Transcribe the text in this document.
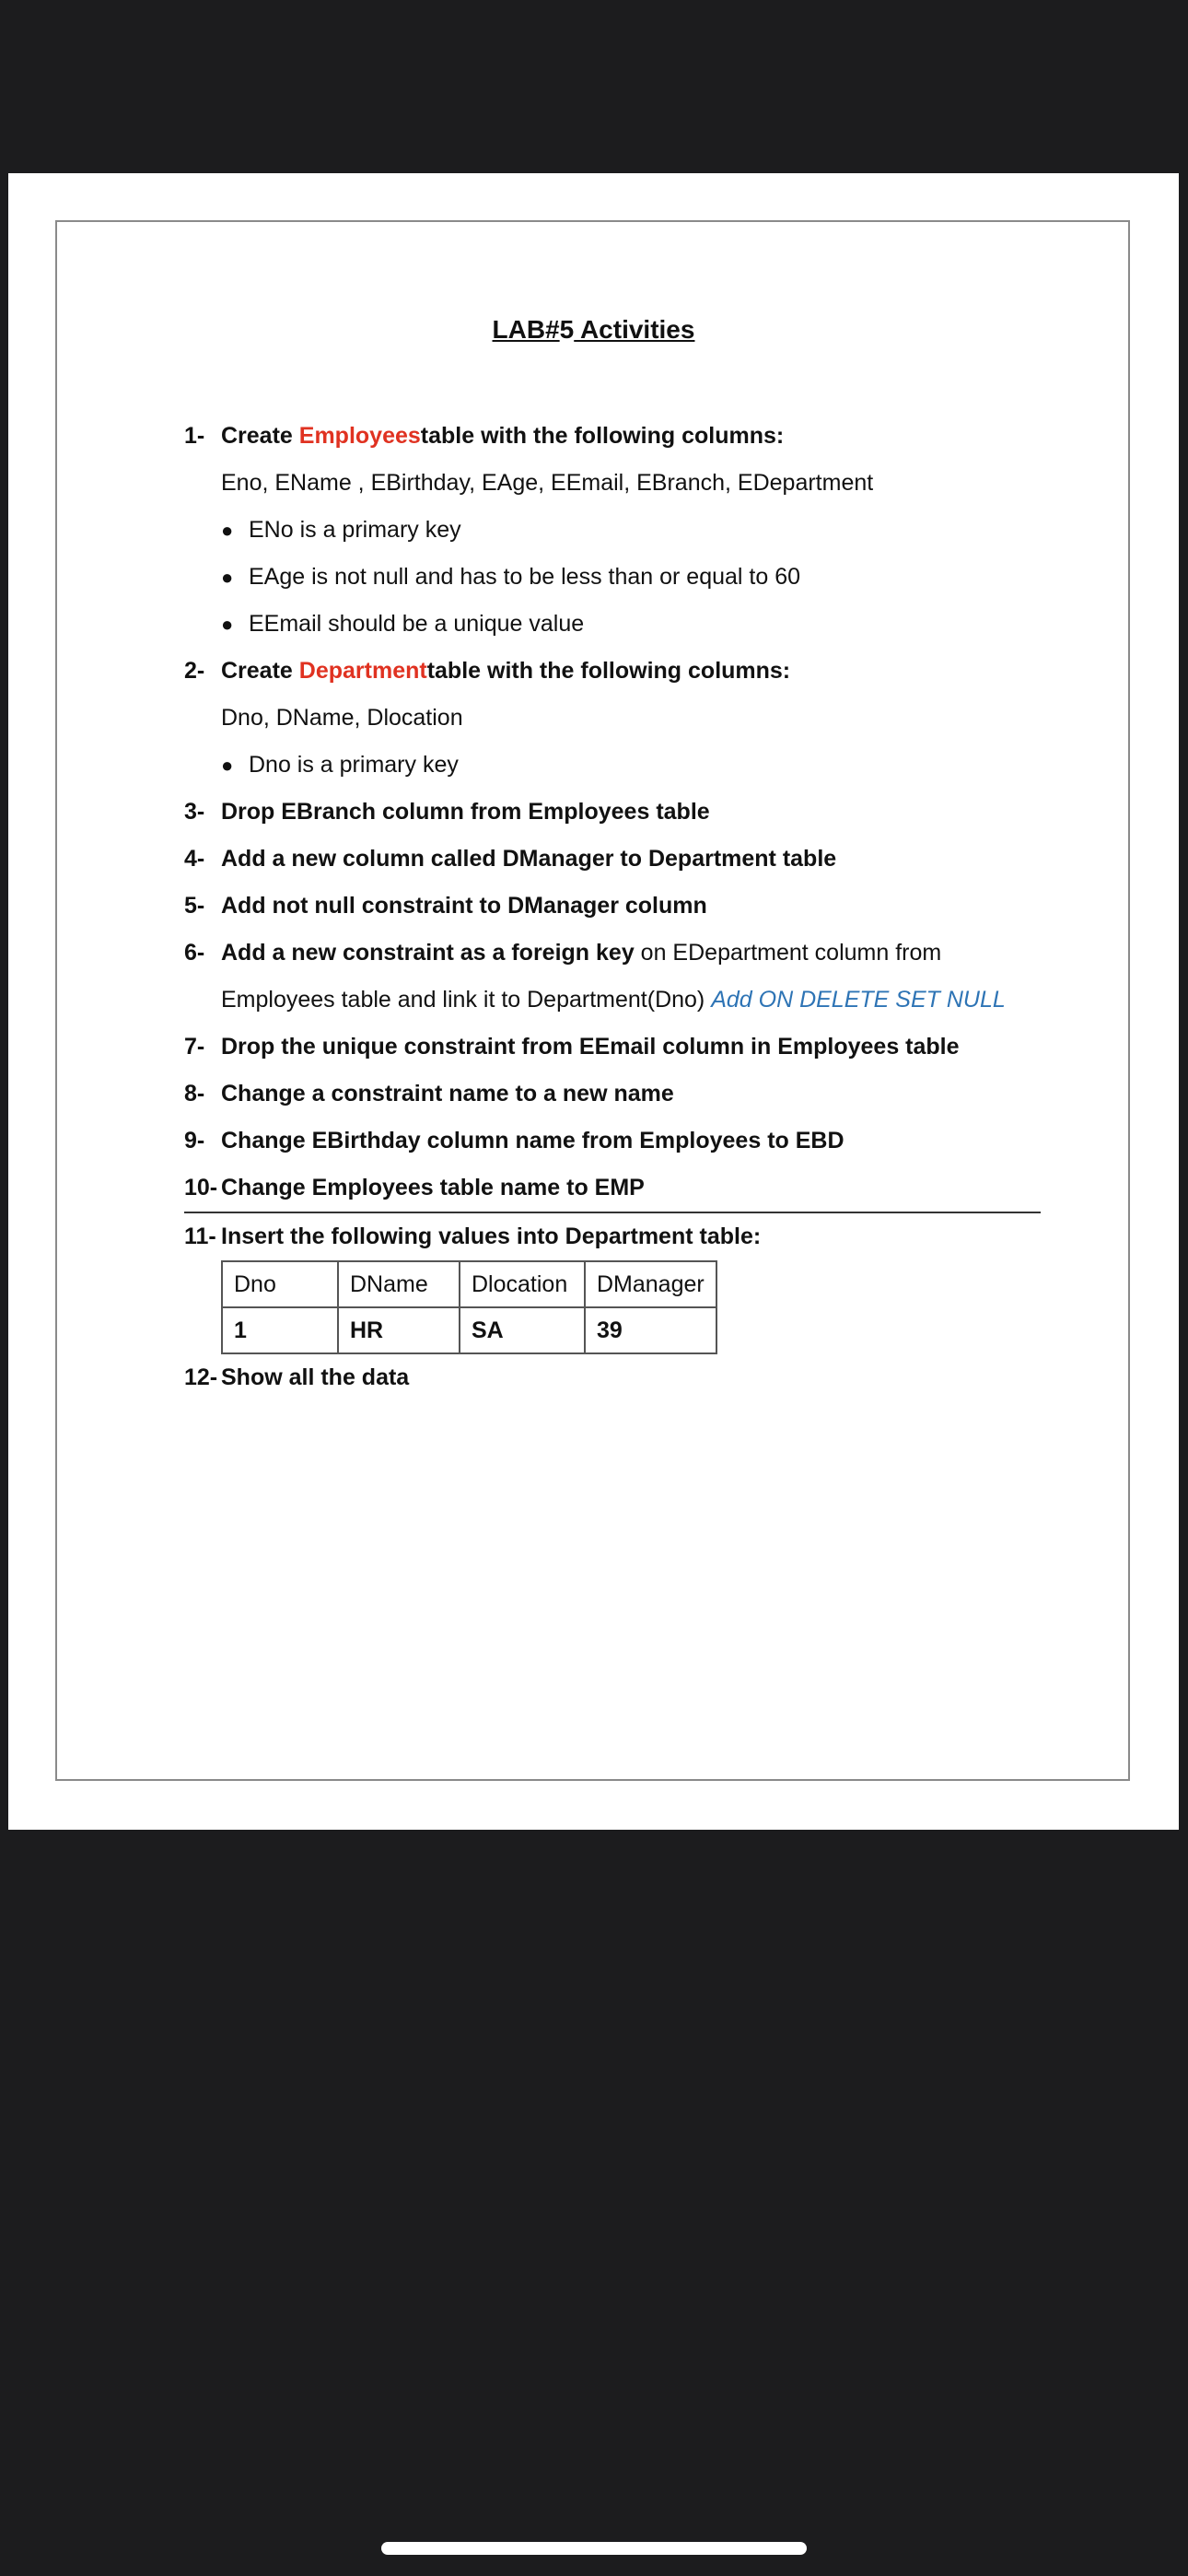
LAB#5 Activities
1- Create
Employees table with the following columns:
Eno, EName , EBirthday, EAge, EEmail, EBranch, EDepartment
● ENo is a primary key
● EAge is not null and has to be less than or equal to 60
● EEmail should be a unique value
2- Create
Department table with the following columns:
Dno, DName, Dlocation
● Dno is a primary key
3- Drop EBranch column from Employees table
4- Add a new column called DManager to Department table
5- Add not null constraint to DManager column
6- Add a new constraint as a foreign key on EDepartment column from
Employees table and link it to Department(Dno) Add ON DELETE SET NULL
7- Drop the unique constraint from EEmail column in Employees table
8- Change a constraint name to a new name
9- Change EBirthday column name from Employees to EBD
10- Change Employees table name to EMP
11- Insert the following values into Department table:
Dno	DName	Dlocation	DManager
1	HR	SA	39
12- Show all the data
